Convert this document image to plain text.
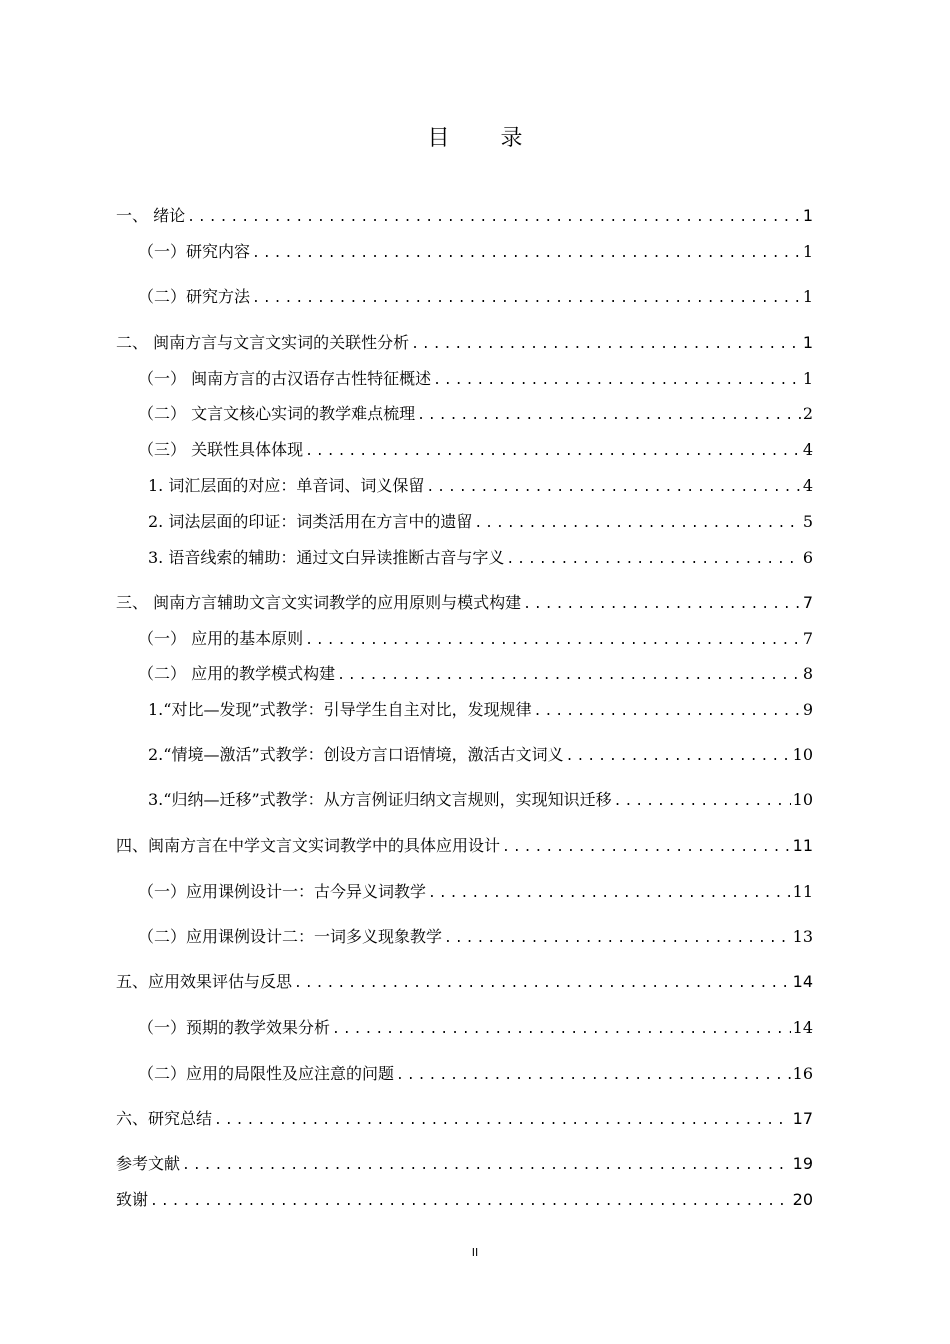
目 录
一、 绪论 .....	1
（一）研究内容 .....	1
（二）研究方法 .....	1
二、 闽南方言与文言文实词的关联性分析 .....	1
（一） 闽南方言的古汉语存古性特征概述 .....	1
（二） 文言文核心实词的教学难点梳理 .....	2
（三） 关联性具体体现 .....	4
1. 词汇层面的对应：单音词、词义保留 .....	4
2. 词法层面的印证：词类活用在方言中的遗留 .....	5
3. 语音线索的辅助：通过文白异读推断古音与字义 .....	6
三、 闽南方言辅助文言文实词教学的应用原则与模式构建 .....	7
（一） 应用的基本原则 .....	7
（二） 应用的教学模式构建 .....	8
1.“对比—发现”式教学：引导学生自主对比，发现规律 .....	9
2.“情境—激活”式教学：创设方言口语情境，激活古文词义 .....	10
3.“归纳—迁移”式教学：从方言例证归纳文言规则，实现知识迁移 .....	10
四、闽南方言在中学文言文实词教学中的具体应用设计 .....	11
（一）应用课例设计一：古今异义词教学 .....	11
（二）应用课例设计二：一词多义现象教学 .....	13
五、应用效果评估与反思 .....	14
（一）预期的教学效果分析 .....	14
（二）应用的局限性及应注意的问题 .....	16
六、研究总结 .....	17
参考文献 .....	19
致谢 .....	20
II
